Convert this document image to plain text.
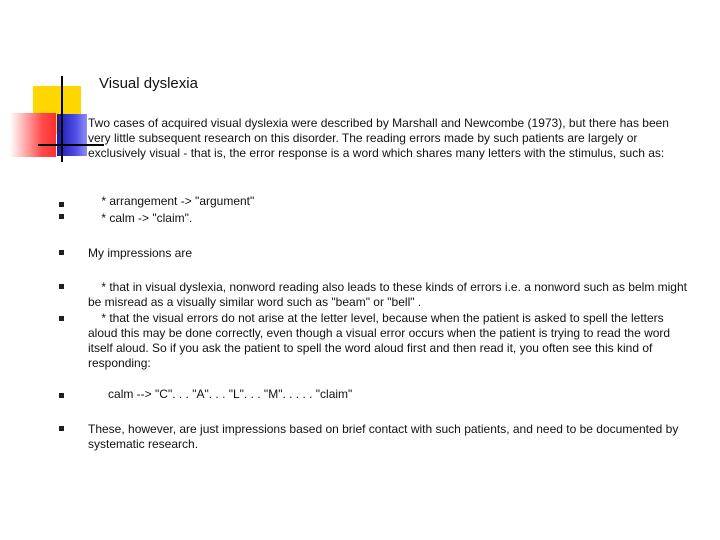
Visual dyslexia

Two cases of acquired visual dyslexia were described by Marshall and Newcombe (1973), but there has been very little subsequent research on this disorder. The reading errors made by such patients are largely or exclusively visual - that is, the error response is a word which shares many letters with the stimulus, such as:

* arrangement -> "argument"

* calm -> "claim".

My impressions are

* that in visual dyslexia, nonword reading also leads to these kinds of errors i.e. a nonword such as belm might be misread as a visually similar word such as "beam" or "bell" .

* that the visual errors do not arise at the letter level, because when the patient is asked to spell the letters aloud this may be done correctly, even though a visual error occurs when the patient is trying to read the word itself aloud. So if you ask the patient to spell the word aloud first and then read it, you often see this kind of responding:

calm --> "C". . . "A". . . "L". . . "M". . . . . "claim"

These, however, are just impressions based on brief contact with such patients, and need to be documented by systematic research.
